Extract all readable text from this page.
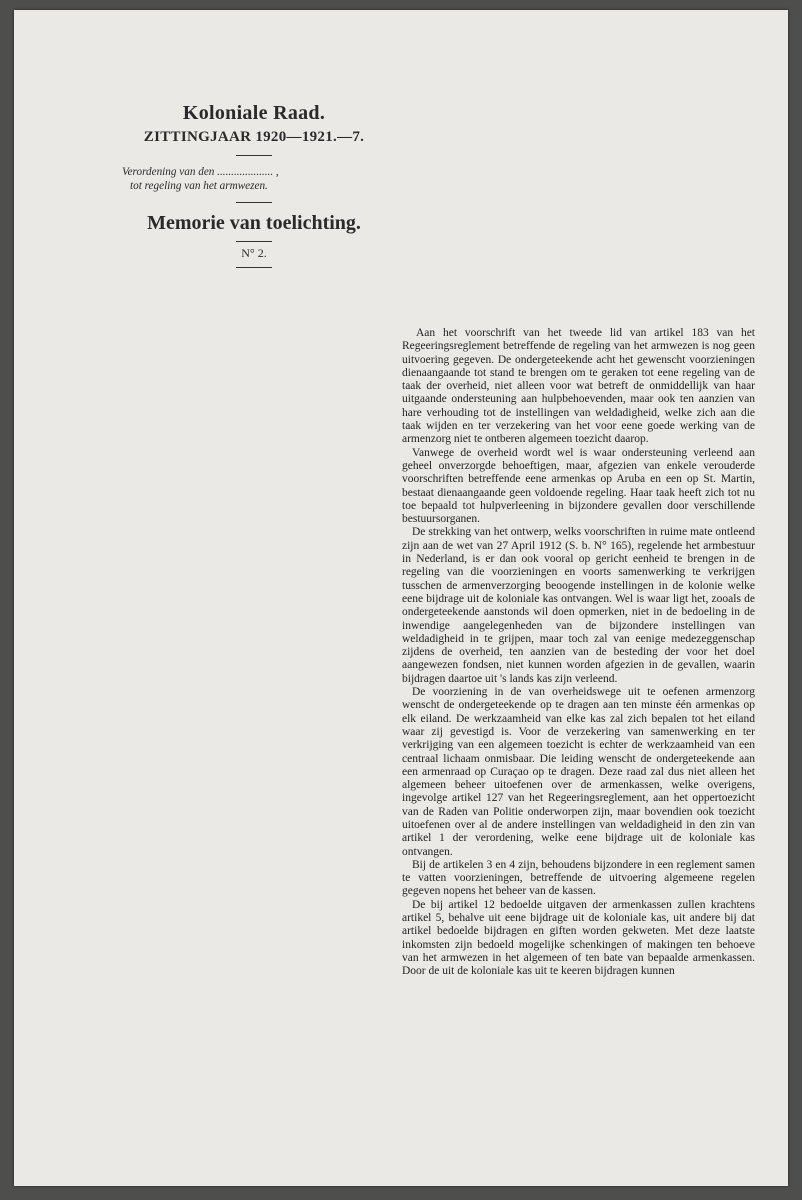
Koloniale Raad.
ZITTINGJAAR 1920—1921.—7.
Verordening van den .................... ,
tot regeling van het armwezen.
Memorie van toelichting.
N° 2.

Aan het voorschrift van het tweede lid van artikel 183 van het Regeeringsreglement betreffende de regeling van het armwezen is nog geen uitvoering gegeven. De ondergeteekende acht het gewenscht voorzieningen dienaangaande tot stand te brengen om te geraken tot eene regeling van de taak der overheid, niet alleen voor wat betreft de onmiddellijk van haar uitgaande ondersteuning aan hulpbehoevenden, maar ook ten aanzien van hare verhouding tot de instellingen van weldadigheid, welke zich aan die taak wijden en ter verzekering van het voor eene goede werking van de armenzorg niet te ontberen algemeen toezicht daarop.

Vanwege de overheid wordt wel is waar ondersteuning verleend aan geheel onverzorgde behoeftigen, maar, afgezien van enkele verouderde voorschriften betreffende eene armenkas op Aruba en een op St. Martin, bestaat dienaangaande geen voldoende regeling. Haar taak heeft zich tot nu toe bepaald tot hulpverleening in bijzondere gevallen door verschillende bestuursorganen.

De strekking van het ontwerp, welks voorschriften in ruime mate ontleend zijn aan de wet van 27 April 1912 (S. b. N° 165), regelende het armbestuur in Nederland, is er dan ook vooral op gericht eenheid te brengen in de regeling van die voorzieningen en voorts samenwerking te verkrijgen tusschen de armenverzorging beoogende instellingen in de kolonie welke eene bijdrage uit de koloniale kas ontvangen. Wel is waar ligt het, zooals de ondergeteekende aanstonds wil doen opmerken, niet in de bedoeling in de inwendige aangelegenheden van de bijzondere instellingen van weldadigheid in te grijpen, maar toch zal van eenige medezeggenschap zijdens de overheid, ten aanzien van de besteding der voor het doel aangewezen fondsen, niet kunnen worden afgezien in de gevallen, waarin bijdragen daartoe uit 's lands kas zijn verleend.

De voorziening in de van overheidswege uit te oefenen armenzorg wenscht de ondergeteekende op te dragen aan ten minste één armenkas op elk eiland. De werkzaamheid van elke kas zal zich bepalen tot het eiland waar zij gevestigd is. Voor de verzekering van samenwerking en ter verkrijging van een algemeen toezicht is echter de werkzaamheid van een centraal lichaam onmisbaar. Die leiding wenscht de ondergeteekende aan een armenraad op Curaçao op te dragen. Deze raad zal dus niet alleen het algemeen beheer uitoefenen over de armenkassen, welke overigens, ingevolge artikel 127 van het Regeeringsreglement, aan het oppertoezicht van de Raden van Politie onderworpen zijn, maar bovendien ook toezicht uitoefenen over al de andere instellingen van weldadigheid in den zin van artikel 1 der verordening, welke eene bijdrage uit de koloniale kas ontvangen.

Bij de artikelen 3 en 4 zijn, behoudens bijzondere in een reglement samen te vatten voorzieningen, betreffende de uitvoering algemeene regelen gegeven nopens het beheer van de kassen.

De bij artikel 12 bedoelde uitgaven der armenkassen zullen krachtens artikel 5, behalve uit eene bijdrage uit de koloniale kas, uit andere bij dat artikel bedoelde bijdragen en giften worden gekweten. Met deze laatste inkomsten zijn bedoeld mogelijke schenkingen of makingen ten behoeve van het armwezen in het algemeen of ten bate van bepaalde armenkassen. Door de uit de koloniale kas uit te keeren bijdragen kunnen
